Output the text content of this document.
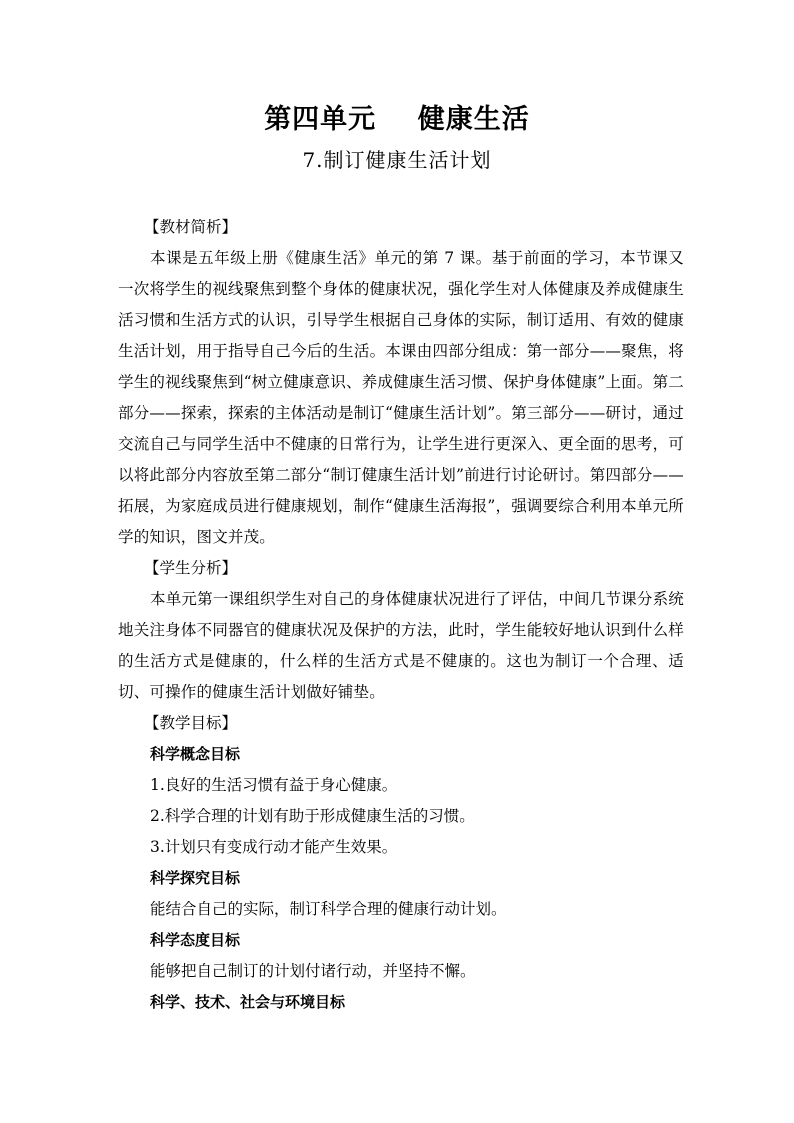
第四单元    健康生活
7.制订健康生活计划

【教材简析】

本课是五年级上册《健康生活》单元的第 7 课。基于前面的学习，本节课又一次将学生的视线聚焦到整个身体的健康状况，强化学生对人体健康及养成健康生活习惯和生活方式的认识，引导学生根据自己身体的实际，制订适用、有效的健康生活计划，用于指导自己今后的生活。本课由四部分组成：第一部分——聚焦，将学生的视线聚焦到“树立健康意识、养成健康生活习惯、保护身体健康”上面。第二部分——探索，探索的主体活动是制订“健康生活计划”。第三部分——研讨，通过交流自己与同学生活中不健康的日常行为，让学生进行更深入、更全面的思考，可以将此部分内容放至第二部分“制订健康生活计划”前进行讨论研讨。第四部分——拓展，为家庭成员进行健康规划，制作“健康生活海报”，强调要综合利用本单元所学的知识，图文并茂。

【学生分析】

本单元第一课组织学生对自己的身体健康状况进行了评估，中间几节课分系统地关注身体不同器官的健康状况及保护的方法，此时，学生能较好地认识到什么样的生活方式是健康的，什么样的生活方式是不健康的。这也为制订一个合理、适切、可操作的健康生活计划做好铺垫。

【教学目标】

科学概念目标

1.良好的生活习惯有益于身心健康。

2.科学合理的计划有助于形成健康生活的习惯。

3.计划只有变成行动才能产生效果。

科学探究目标

能结合自己的实际，制订科学合理的健康行动计划。

科学态度目标

能够把自己制订的计划付诸行动，并坚持不懈。

科学、技术、社会与环境目标
